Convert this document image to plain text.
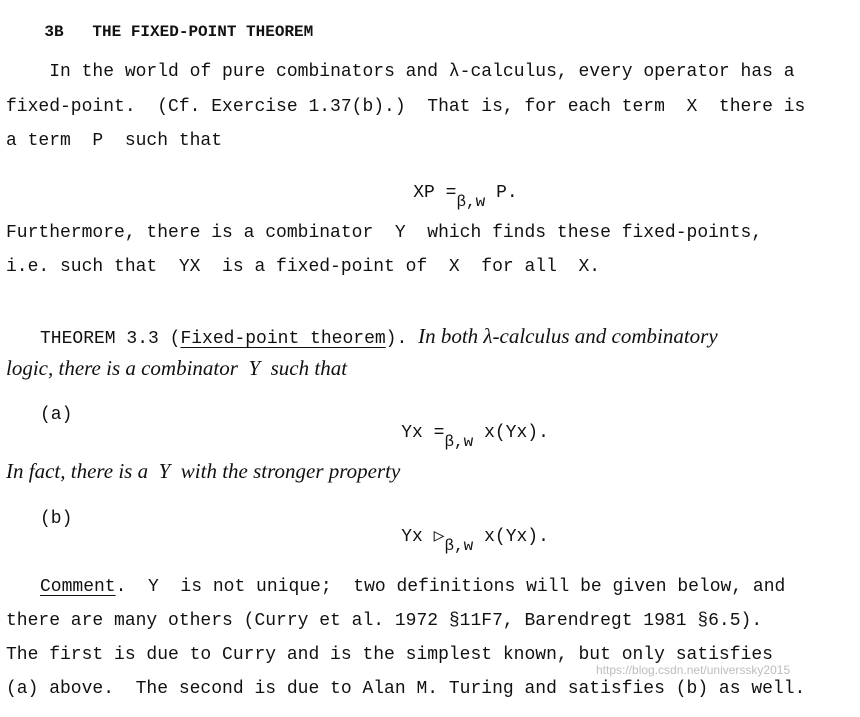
3B THE FIXED-POINT THEOREM

In the world of pure combinators and λ-calculus, every operator has a
fixed-point.  (Cf. Exercise 1.37(b).)  That is, for each term  X  there is
a term  P  such that

XP =β,w P.

Furthermore, there is a combinator  Y  which finds these fixed-points,
i.e. such that  YX  is a fixed-point of  X  for all  X.
THEOREM 3.3 (Fixed-point theorem). In both λ-calculus and combinatory
logic, there is a combinator  Y  such that
(a)

Yx =β,w x(Yx).

In fact, there is a  Y  with the stronger property
(b)

Yx ▷β,w x(Yx).

Comment.  Y  is not unique;  two definitions will be given below, and
there are many others (Curry et al. 1972 §11F7, Barendregt 1981 §6.5).
The first is due to Curry and is the simplest known, but only satisfies
(a) above.  The second is due to Alan M. Turing and satisfies (b) as well.
https://blog.csdn.net/universsky2015
